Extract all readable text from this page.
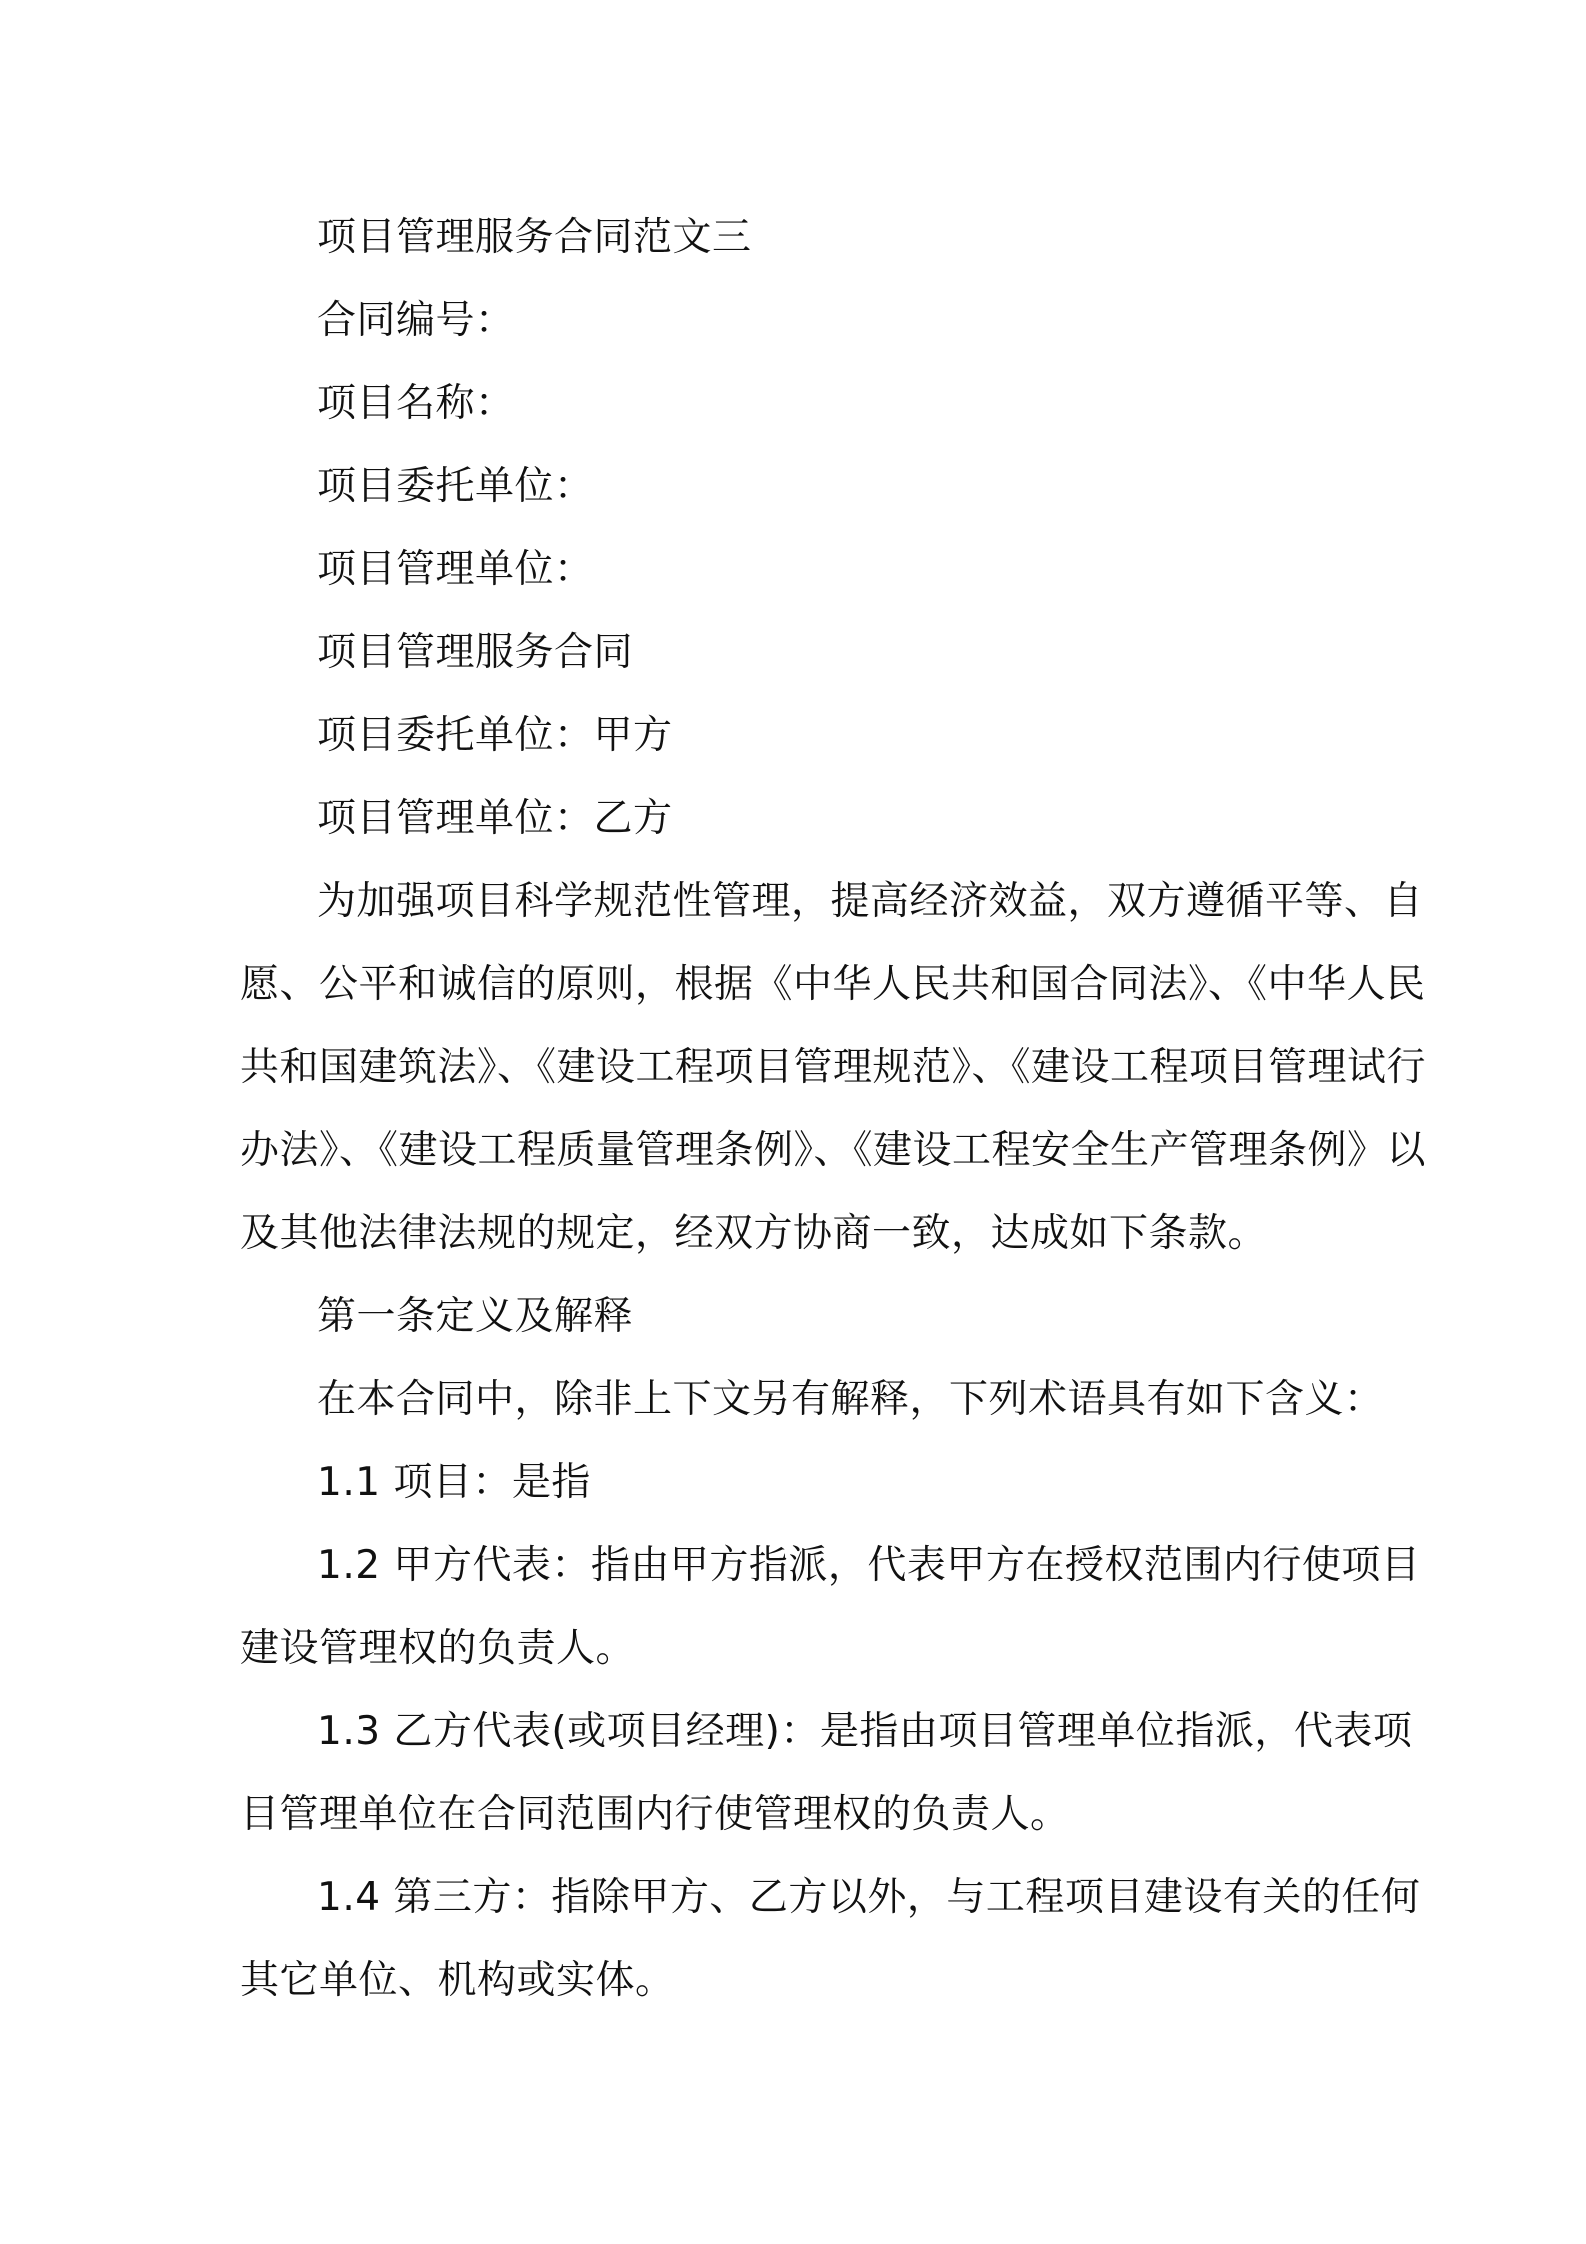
项目管理服务合同范文三
合同编号：
项目名称：
项目委托单位：
项目管理单位：
项目管理服务合同
项目委托单位：甲方
项目管理单位：乙方
为加强项目科学规范性管理，提高经济效益，双方遵循平等、自
愿、公平和诚信的原则，根据《中华人民共和国合同法》、《中华人民
共和国建筑法》、《建设工程项目管理规范》、《建设工程项目管理试行
办法》、《建设工程质量管理条例》、《建设工程安全生产管理条例》以
及其他法律法规的规定，经双方协商一致，达成如下条款。
第一条定义及解释
在本合同中，除非上下文另有解释，下列术语具有如下含义：
1.1 项目：是指
1.2 甲方代表：指由甲方指派，代表甲方在授权范围内行使项目
建设管理权的负责人。
1.3 乙方代表(或项目经理)：是指由项目管理单位指派，代表项
目管理单位在合同范围内行使管理权的负责人。
1.4 第三方：指除甲方、乙方以外，与工程项目建设有关的任何
其它单位、机构或实体。
